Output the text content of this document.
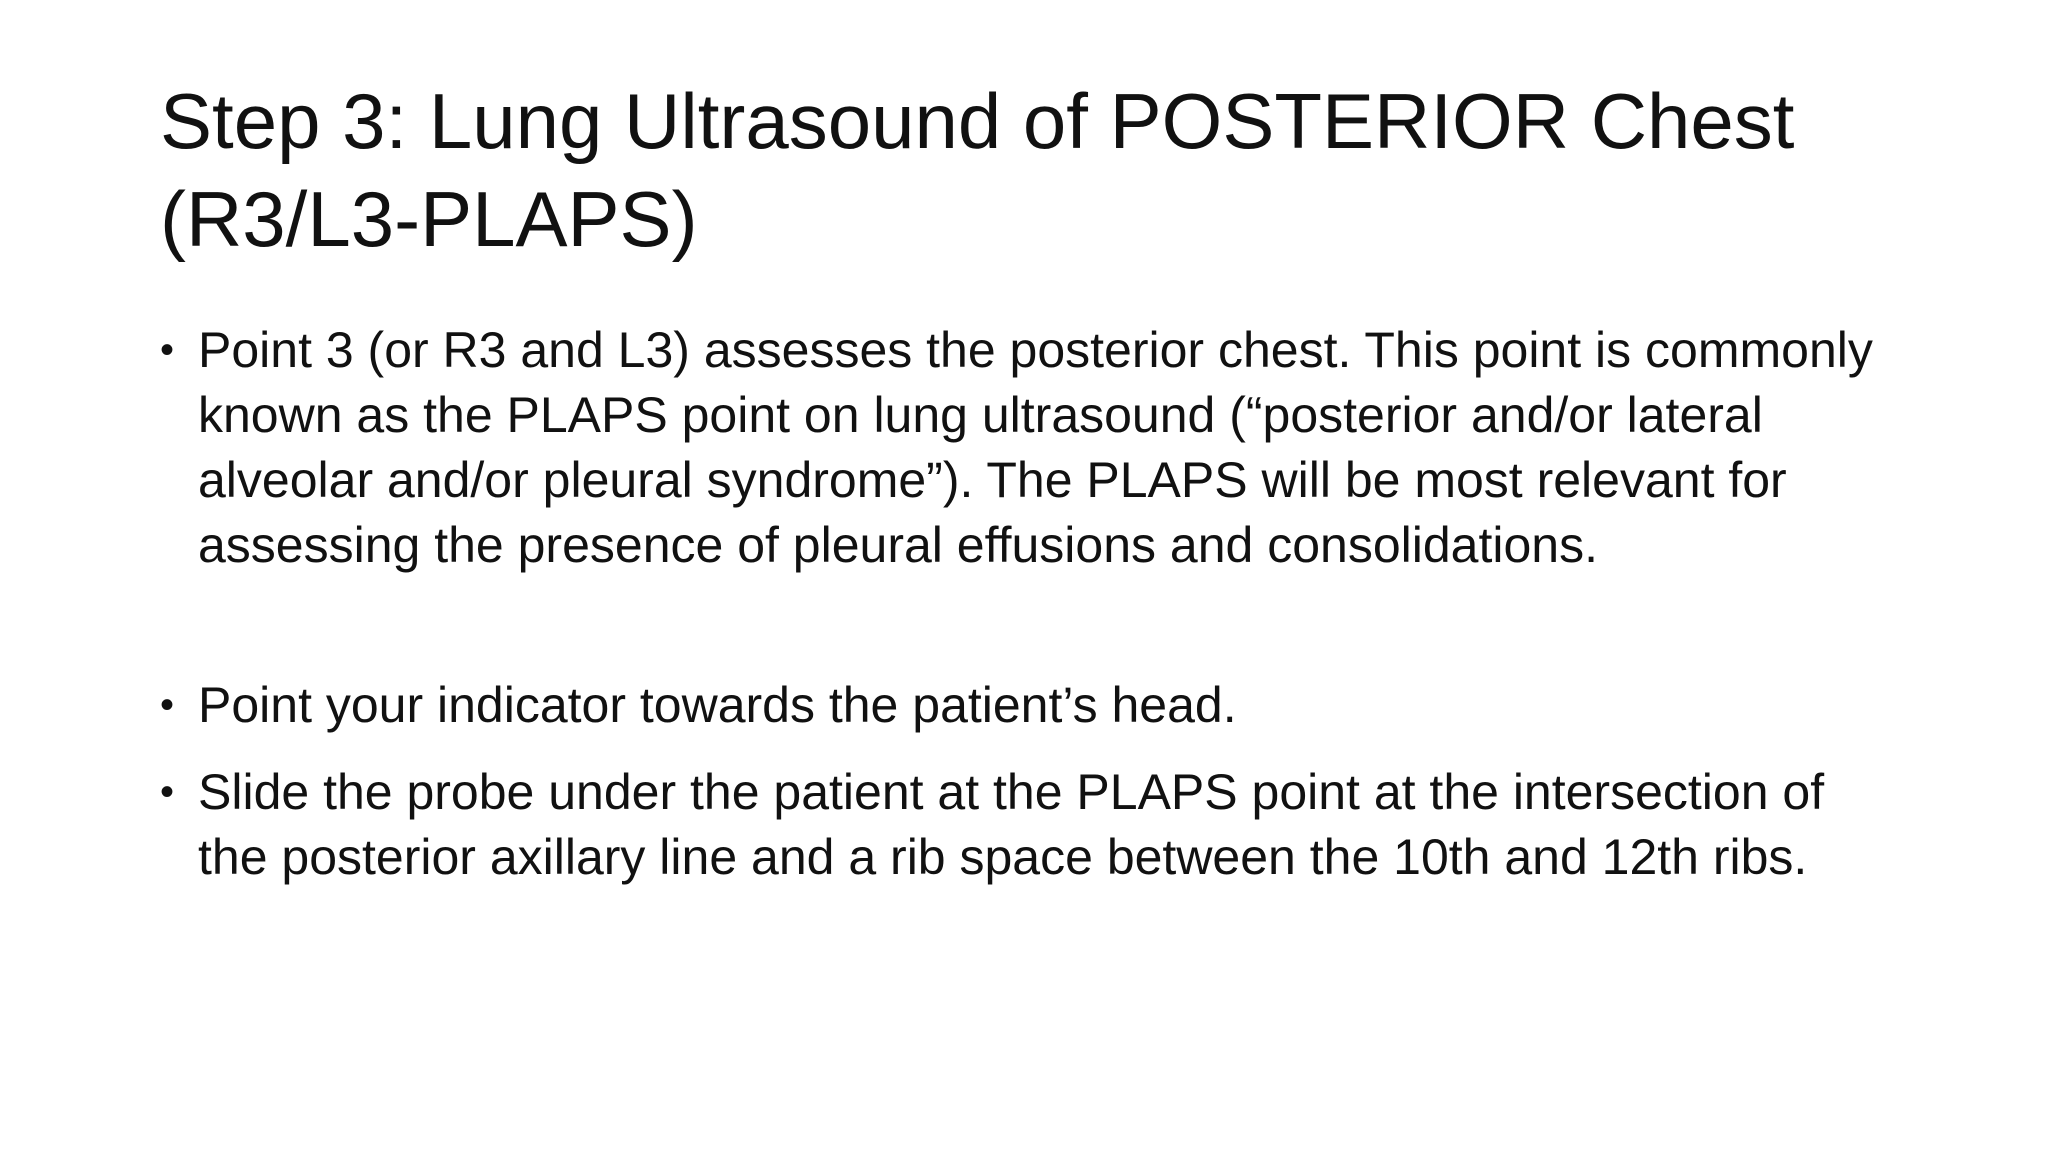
Step 3: Lung Ultrasound of POSTERIOR Chest (R3/L3-PLAPS)
• Point 3 (or R3 and L3) assesses the posterior chest. This point is commonly known as the PLAPS point on lung ultrasound (“posterior and/or lateral alveolar and/or pleural syndrome”). The PLAPS will be most relevant for assessing the presence of pleural effusions and consolidations.
• Point your indicator towards the patient’s head.
• Slide the probe under the patient at the PLAPS point at the intersection of the posterior axillary line and a rib space between the 10th and 12th ribs.
